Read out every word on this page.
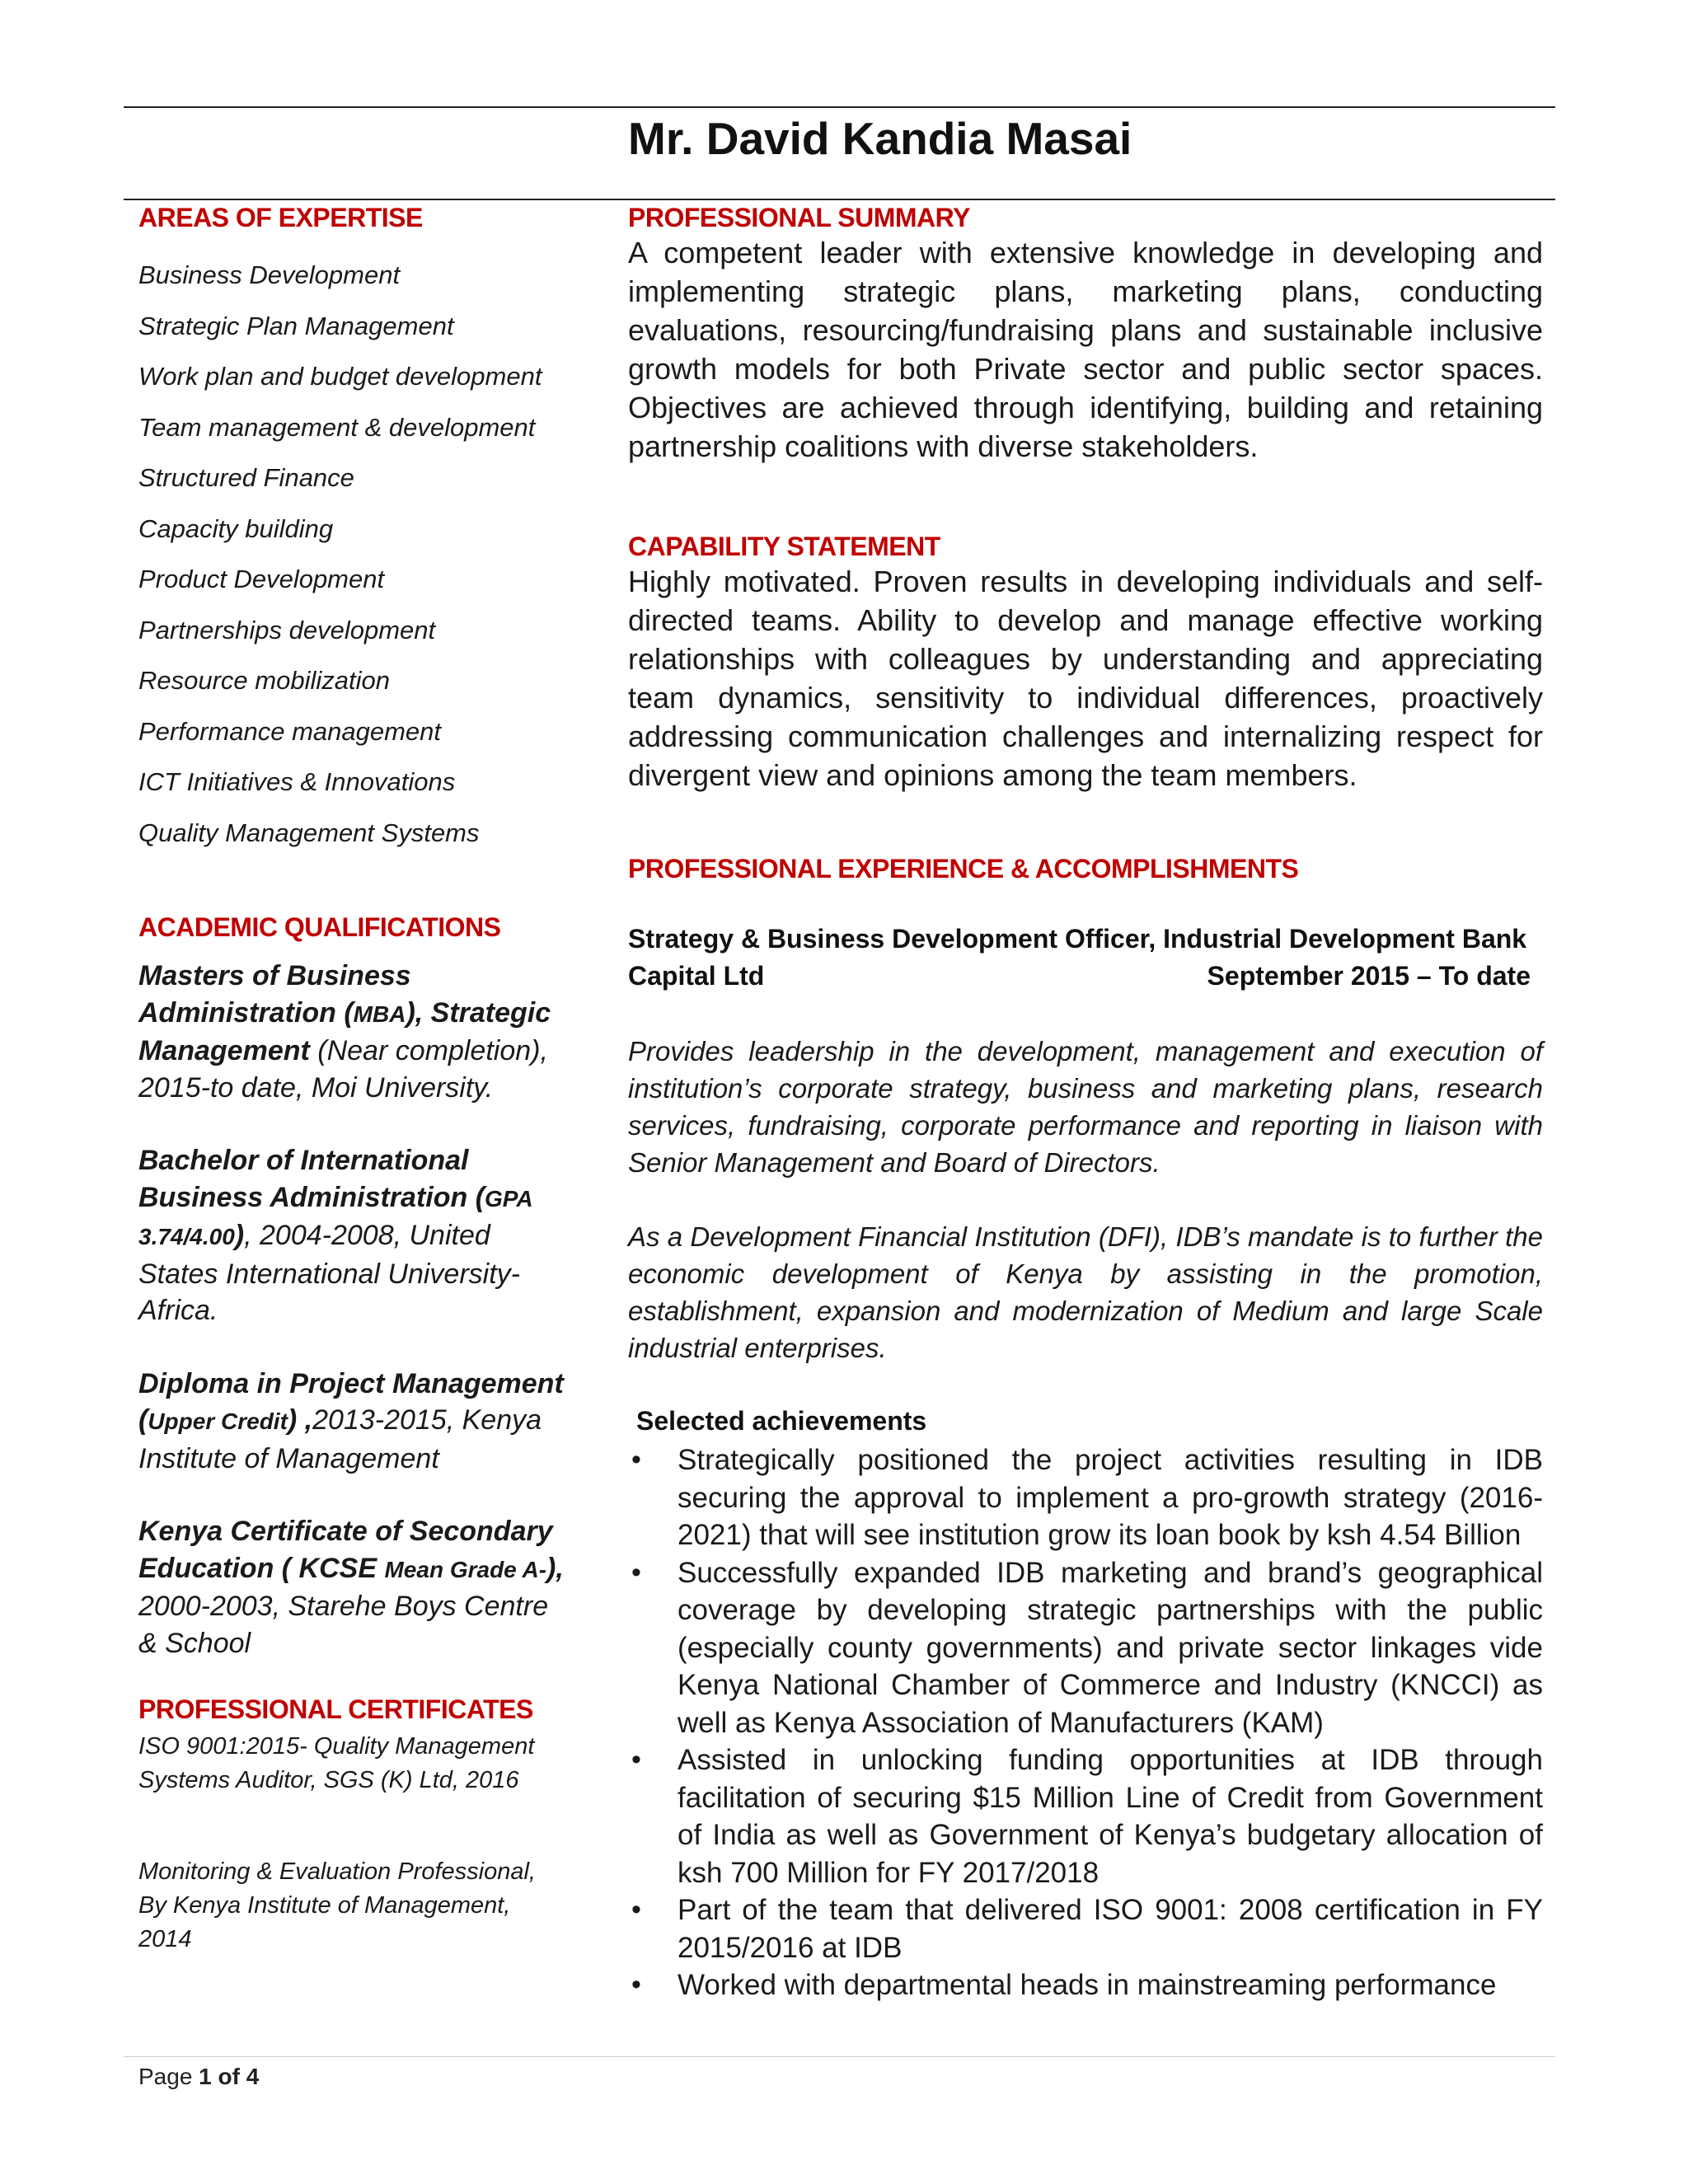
Mr. David Kandia Masai
AREAS OF EXPERTISE
Business Development
Strategic Plan Management
Work plan and budget development
Team management & development
Structured Finance
Capacity building
Product Development
Partnerships development
Resource mobilization
Performance management
ICT Initiatives & Innovations
Quality Management Systems
ACADEMIC QUALIFICATIONS

Masters of Business Administration (MBA), Strategic Management (Near completion), 2015-to date, Moi University.

Bachelor of International Business Administration (GPA 3.74/4.00), 2004-2008, United States International University- Africa.

Diploma in Project Management (Upper Credit) ,2013-2015, Kenya Institute of Management

Kenya Certificate of Secondary Education ( KCSE Mean Grade A-), 2000-2003, Starehe Boys Centre & School

PROFESSIONAL CERTIFICATES

ISO 9001:2015- Quality Management Systems Auditor, SGS (K) Ltd, 2016

Monitoring & Evaluation Professional, By Kenya Institute of Management, 2014

PROFESSIONAL SUMMARY

A competent leader with extensive knowledge in developing and implementing strategic plans, marketing plans, conducting evaluations, resourcing/fundraising plans and sustainable inclusive growth models for both Private sector and public sector spaces. Objectives are achieved through identifying, building and retaining partnership coalitions with diverse stakeholders.

CAPABILITY STATEMENT

Highly motivated. Proven results in developing individuals and self-directed teams. Ability to develop and manage effective working relationships with colleagues by understanding and appreciating team dynamics, sensitivity to individual differences, proactively addressing communication challenges and internalizing respect for divergent view and opinions among the team members.

PROFESSIONAL EXPERIENCE & ACCOMPLISHMENTS
Strategy & Business Development Officer, Industrial Development Bank
Capital Ltd	September 2015 – To date

Provides leadership in the development, management and execution of institution’s corporate strategy, business and marketing plans, research services, fundraising, corporate performance and reporting in liaison with Senior Management and Board of Directors.

As a Development Financial Institution (DFI), IDB’s mandate is to further the economic development of Kenya by assisting in the promotion, establishment, expansion and modernization of Medium and large Scale industrial enterprises.

Selected achievements
• Strategically positioned the project activities resulting in IDB securing the approval to implement a pro-growth strategy (2016-2021) that will see institution grow its loan book by ksh 4.54 Billion
• Successfully expanded IDB marketing and brand’s geographical coverage by developing strategic partnerships with the public (especially county governments) and private sector linkages vide Kenya National Chamber of Commerce and Industry (KNCCI) as well as Kenya Association of Manufacturers (KAM)
• Assisted in unlocking funding opportunities at IDB through facilitation of securing $15 Million Line of Credit from Government of India as well as Government of Kenya’s budgetary allocation of ksh 700 Million for FY 2017/2018
• Part of the team that delivered ISO 9001: 2008 certification in FY 2015/2016 at IDB
• Worked with departmental heads in mainstreaming performance
Page 1 of 4
